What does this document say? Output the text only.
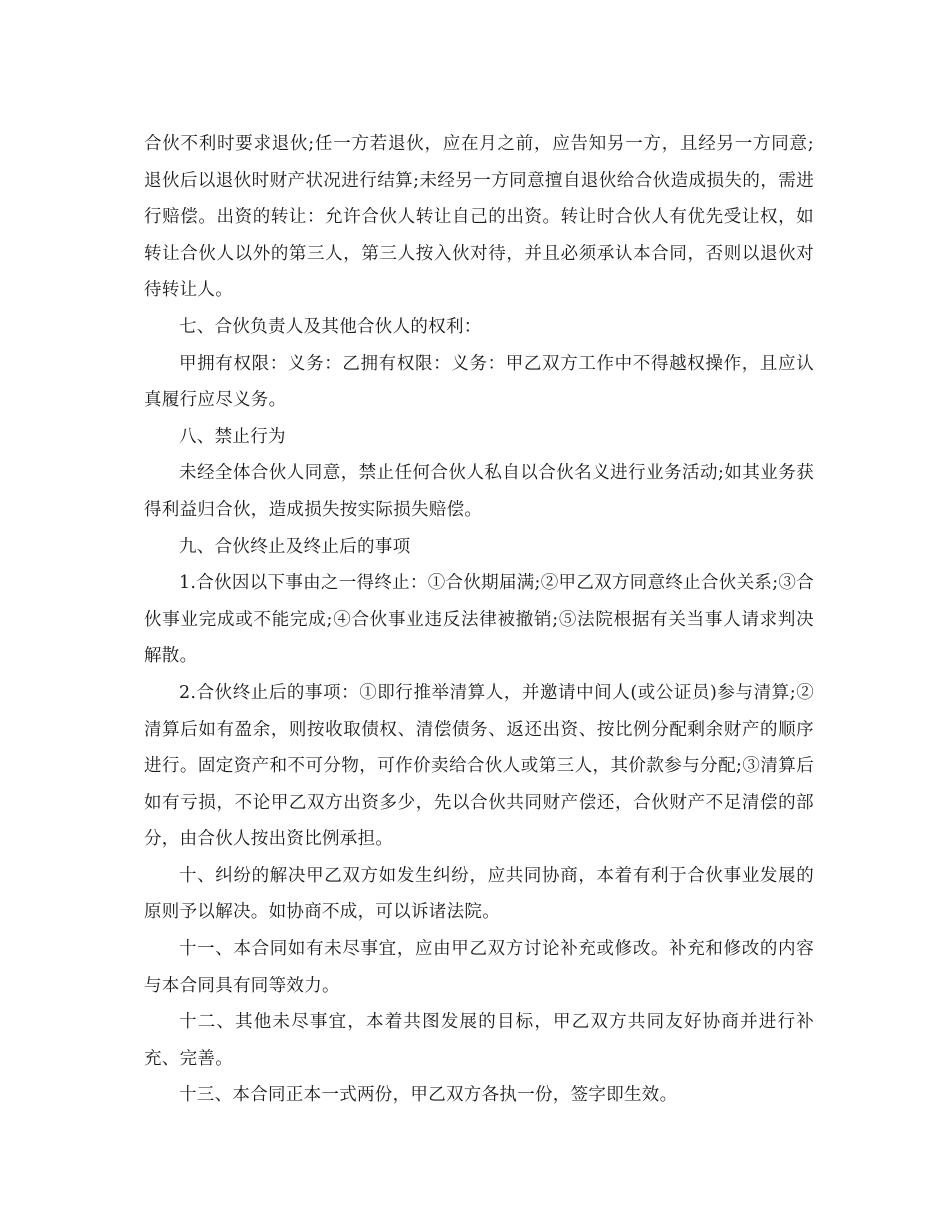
合伙不利时要求退伙;任一方若退伙，应在月之前，应告知另一方，且经另一方同意;退伙后以退伙时财产状况进行结算;未经另一方同意擅自退伙给合伙造成损失的，需进行赔偿。出资的转让：允许合伙人转让自己的出资。转让时合伙人有优先受让权，如转让合伙人以外的第三人，第三人按入伙对待，并且必须承认本合同，否则以退伙对待转让人。

七、合伙负责人及其他合伙人的权利：

甲拥有权限：义务：乙拥有权限：义务：甲乙双方工作中不得越权操作，且应认真履行应尽义务。

八、禁止行为

未经全体合伙人同意，禁止任何合伙人私自以合伙名义进行业务活动;如其业务获得利益归合伙，造成损失按实际损失赔偿。

九、合伙终止及终止后的事项

1.合伙因以下事由之一得终止：①合伙期届满;②甲乙双方同意终止合伙关系;③合伙事业完成或不能完成;④合伙事业违反法律被撤销;⑤法院根据有关当事人请求判决解散。

2.合伙终止后的事项：①即行推举清算人，并邀请中间人(或公证员)参与清算;②清算后如有盈余，则按收取债权、清偿债务、返还出资、按比例分配剩余财产的顺序进行。固定资产和不可分物，可作价卖给合伙人或第三人，其价款参与分配;③清算后如有亏损，不论甲乙双方出资多少，先以合伙共同财产偿还，合伙财产不足清偿的部分，由合伙人按出资比例承担。

十、纠纷的解决甲乙双方如发生纠纷，应共同协商，本着有利于合伙事业发展的原则予以解决。如协商不成，可以诉诸法院。

十一、本合同如有未尽事宜，应由甲乙双方讨论补充或修改。补充和修改的内容与本合同具有同等效力。

十二、其他未尽事宜，本着共图发展的目标，甲乙双方共同友好协商并进行补充、完善。

十三、本合同正本一式两份，甲乙双方各执一份，签字即生效。
